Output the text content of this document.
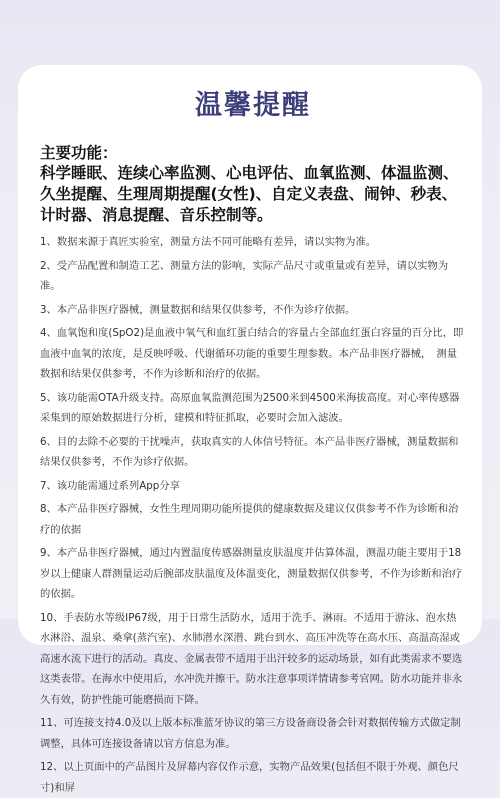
温馨提醒

主要功能：

科学睡眠、连续心率监测、心电评估、血氧监测、体温监测、久坐提醒、生理周期提醒(女性)、自定义表盘、闹钟、秒表、计时器、消息提醒、音乐控制等。

1、数据来源于真匠实验室，测量方法不同可能略有差异，请以实物为准。
2、受产品配置和制造工艺、测量方法的影响，实际产品尺寸或重量或有差异，请以实物为　准。
3、本产品非医疗器械，测量数据和结果仅供参考，不作为诊疗依据。
4、血氧饱和度(SpO2)是血液中氧气和血红蛋白结合的容量占全部血红蛋白容量的百分比，即血液中血氧的浓度，是反映呼吸、代谢循环功能的重要生理参数。本产品非医疗器械，　测量数据和结果仅供参考，不作为诊断和治疗的依据。
5、该功能需OTA升级支持。高原血氧监测范围为2500米到4500米海拔高度。对心率传感器采集到的原始数据进行分析，建模和特征抓取，必要时会加入滤波。
6、目的去除不必要的干扰噪声，获取真实的人体信号特征。本产品非医疗器械，测量数据和结果仅供参考，不作为诊疗依据。
7、该功能需通过系列App分享
8、本产品非医疗器械，女性生理周期功能所提供的健康数据及建议仅供参考不作为诊断和治疗的依据
9、本产品非医疗器械，通过内置温度传感器测量皮肤温度并估算体温，测温功能主要用于18岁以上健康人群测量运动后腕部皮肤温度及体温变化，测量数据仅供参考，不作为诊断和治疗的依据。
10、手表防水等级IP67级，用于日常生活防水，适用于洗手、淋雨。不适用于游泳、泡水热水淋浴、温泉、桑拿(蒸汽室)、水肺潜水深潜、跳台到水、高压冲洗等在高水压、高温高湿或高速水流下进行的活动。真皮、金属表带不适用于出汗较多的运动场景，如有此类需求不要选这类表带。在海水中使用后，水冲洗并擦干。防水注意事项详情请参考官网。防水功能并非永久有效，防护性能可能磨损而下降。
11、可连接支持4.0及以上版本标准蓝牙协议的第三方设备商设备会针对数据传输方式做定制调整，具体可连接设备请以官方信息为准。
12、以上页面中的产品图片及屏幕内容仅作示意，实物产品效果(包括但不限于外观、颜色尺寸)和屏
